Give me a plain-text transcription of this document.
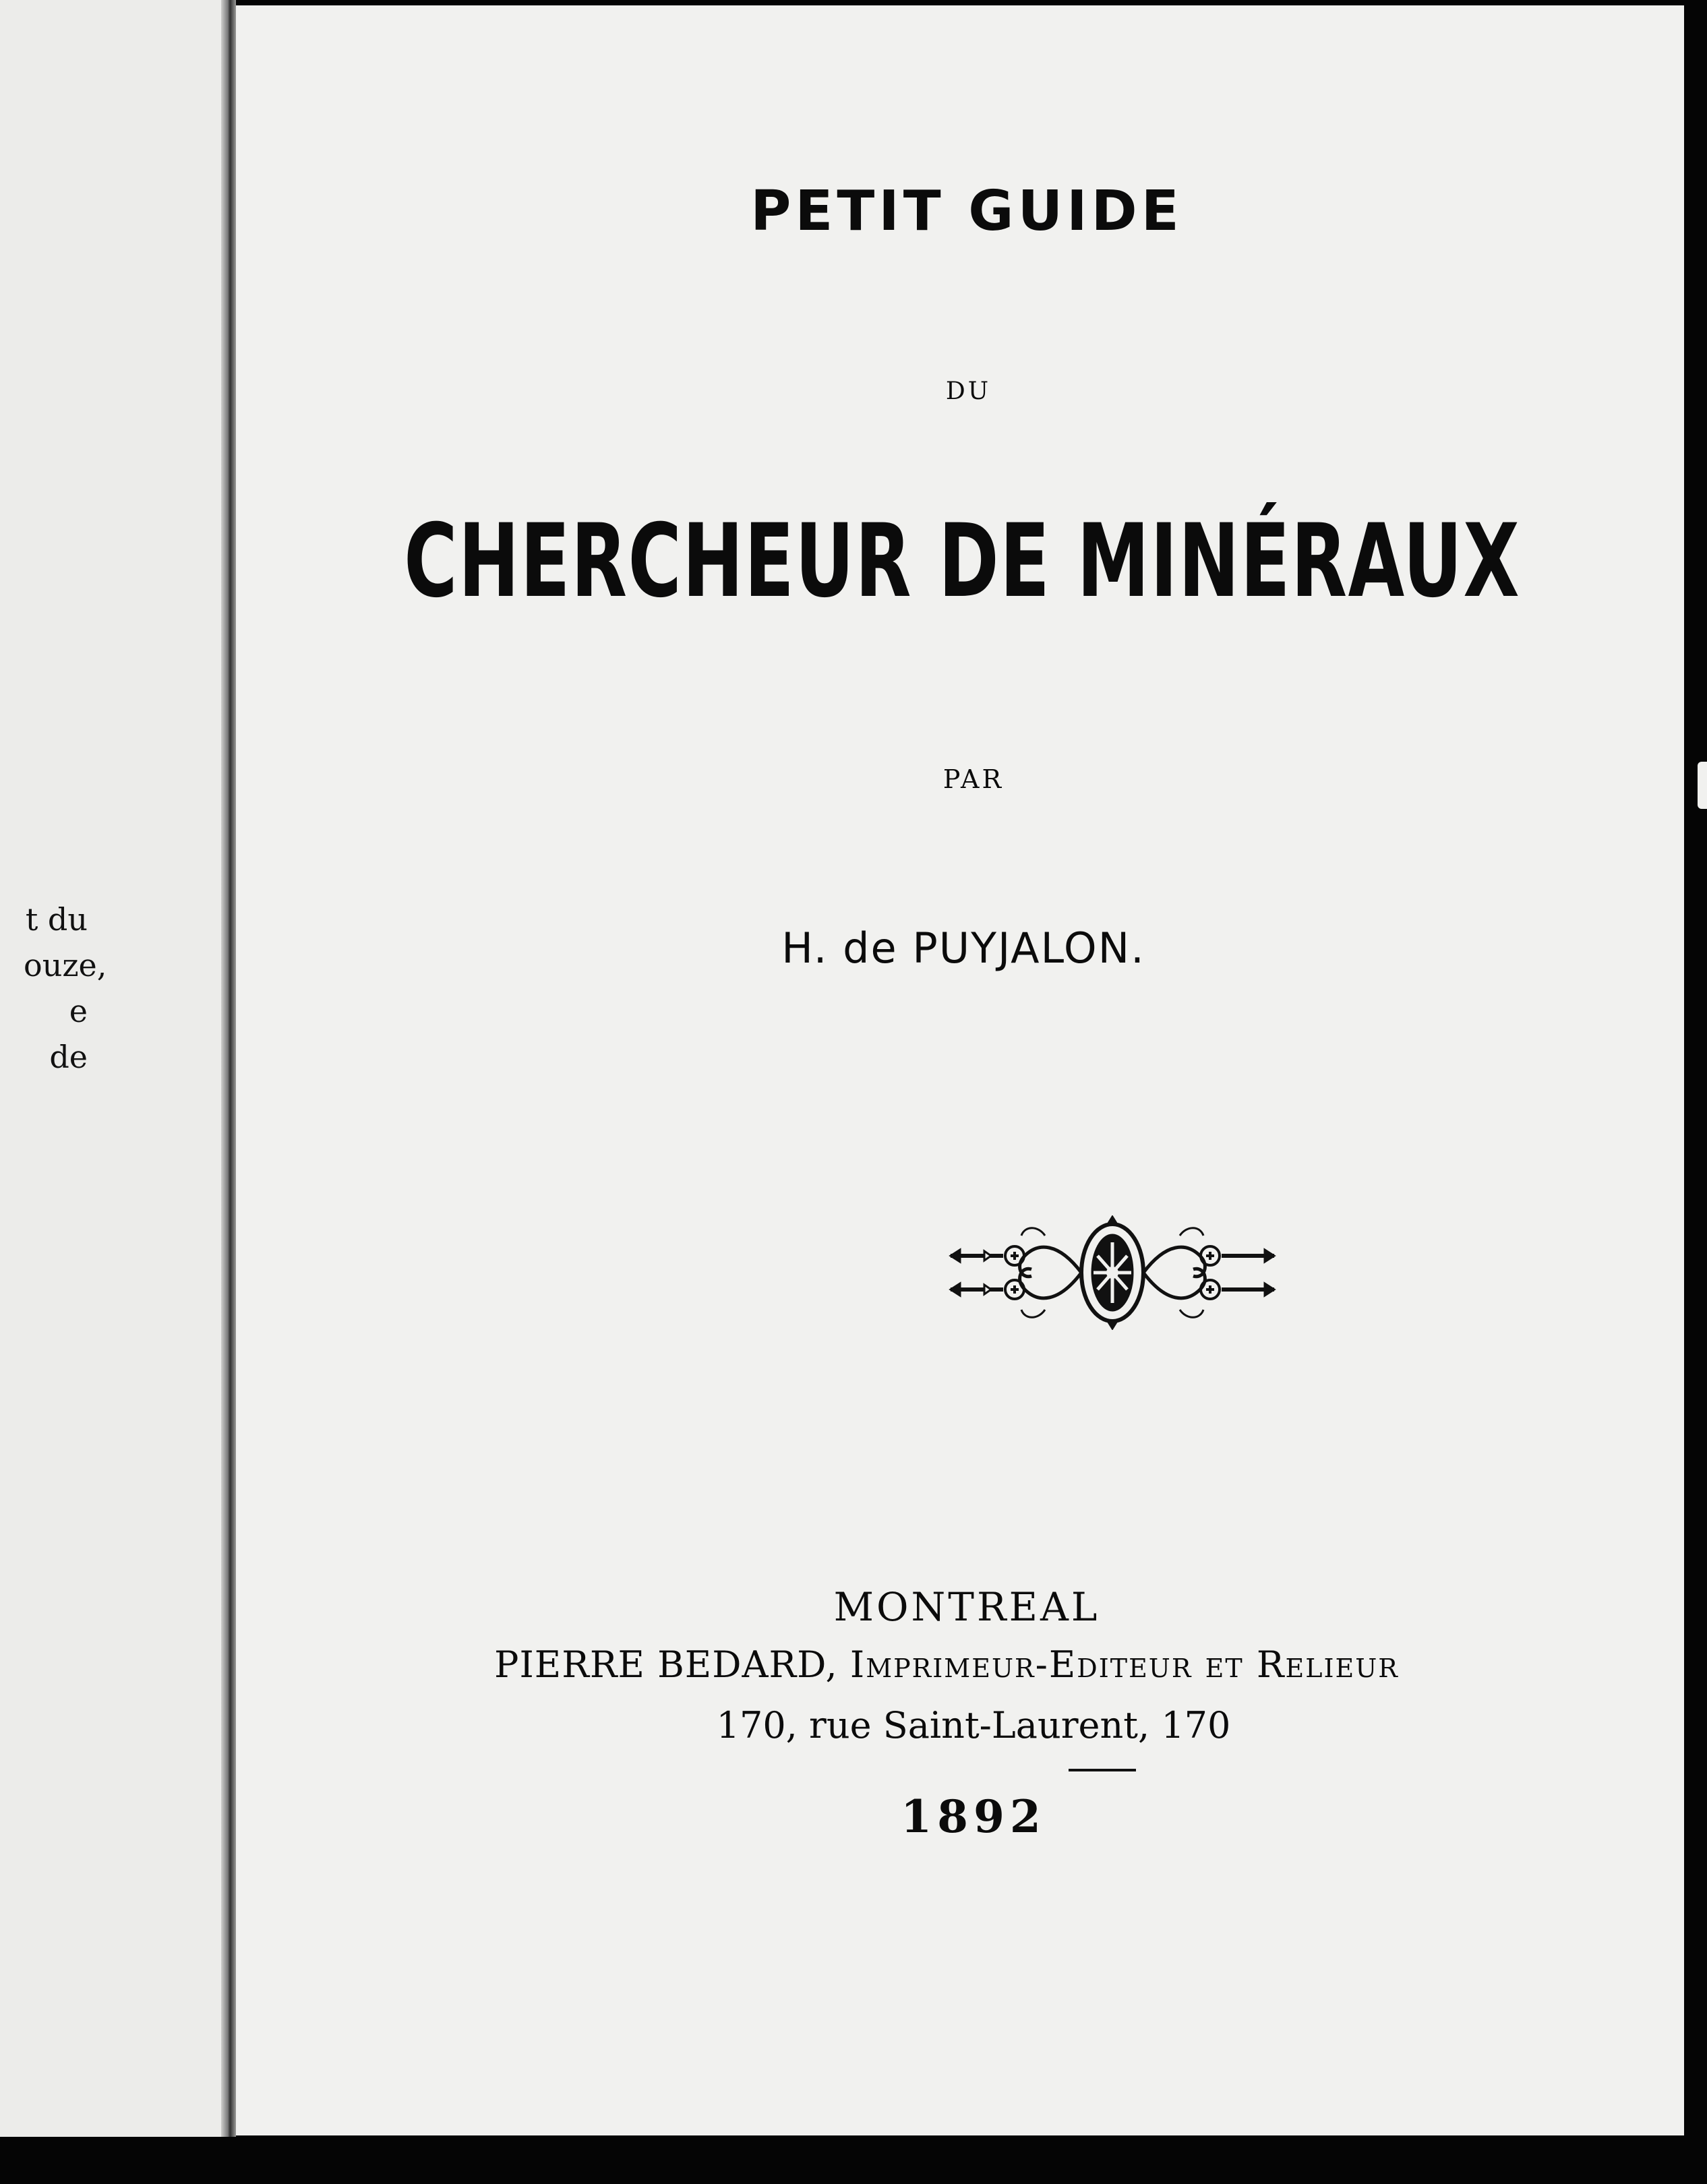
t du
ouze,
e de
PETIT GUIDE
DU
CHERCHEUR DE MINÉRAUX
PAR
H. de PUYJALON.
MONTREAL
PIERRE BEDARD, Imprimeur-Editeur et Relieur
170, rue Saint-Laurent, 170
1892
